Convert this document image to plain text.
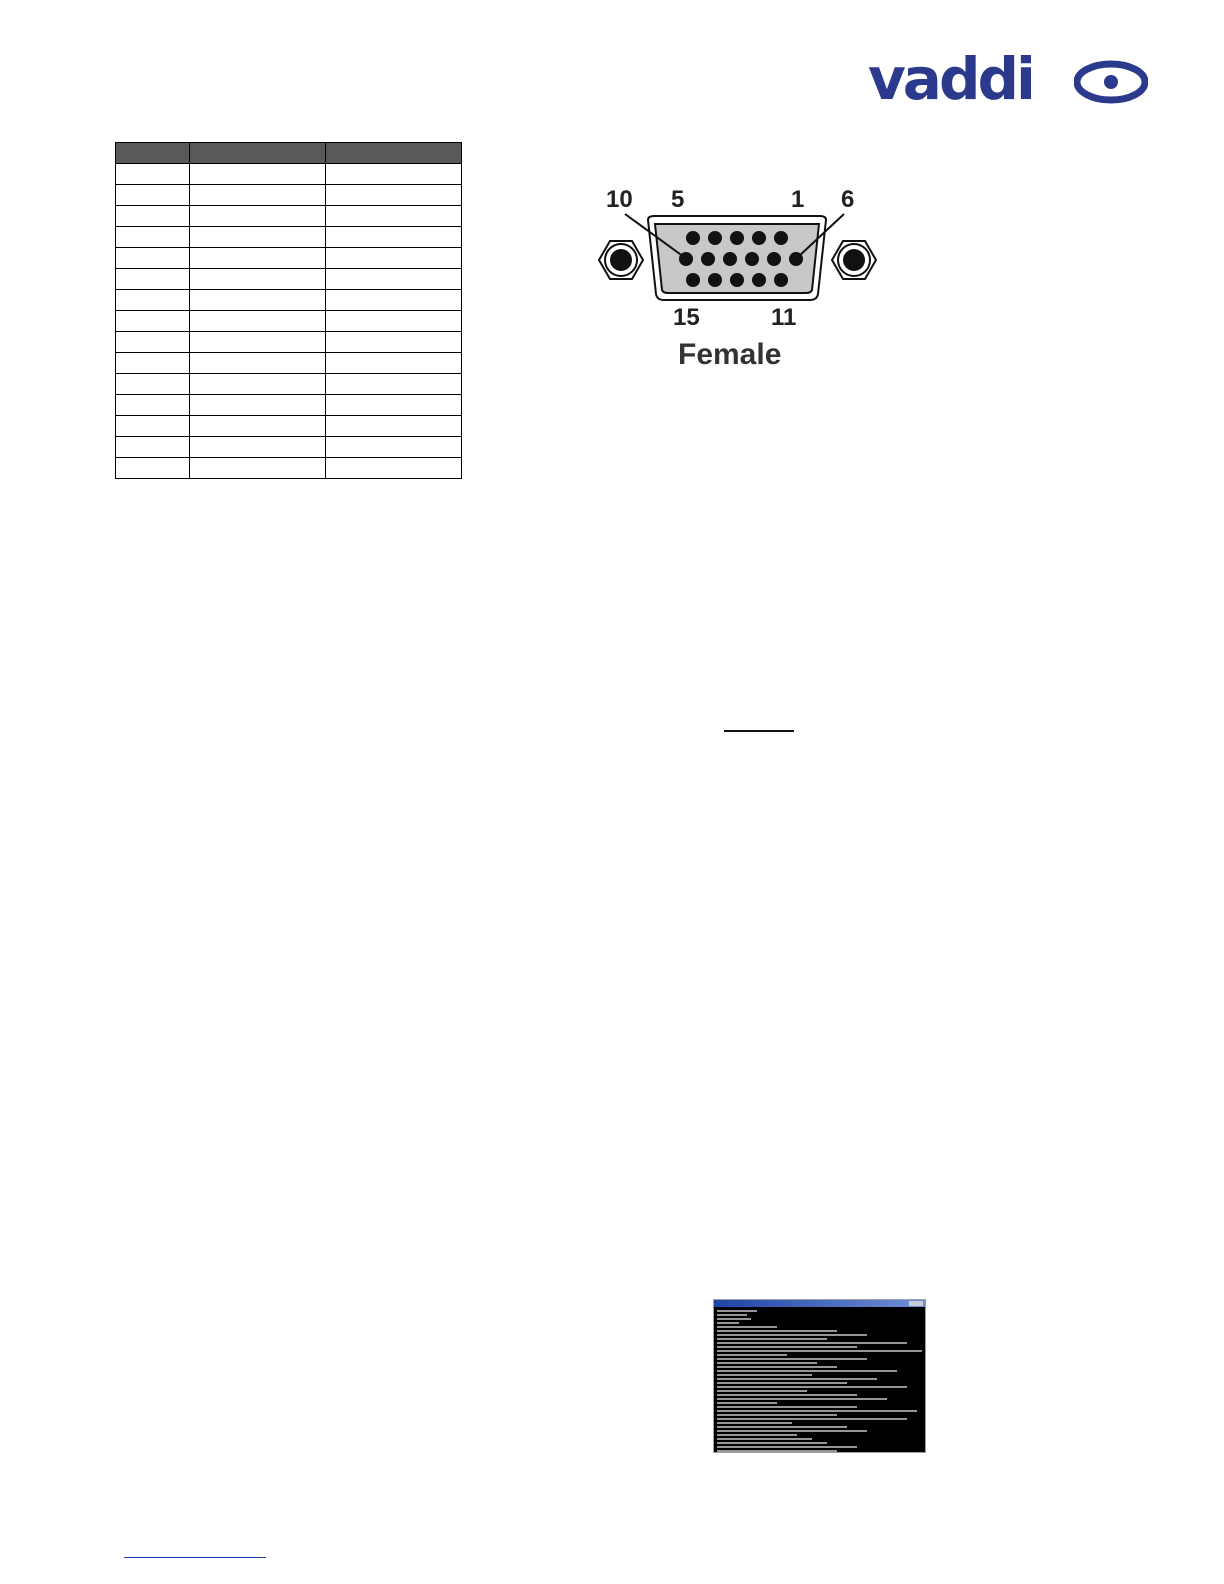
vaddi

10 5	1 6
15	11
Female
